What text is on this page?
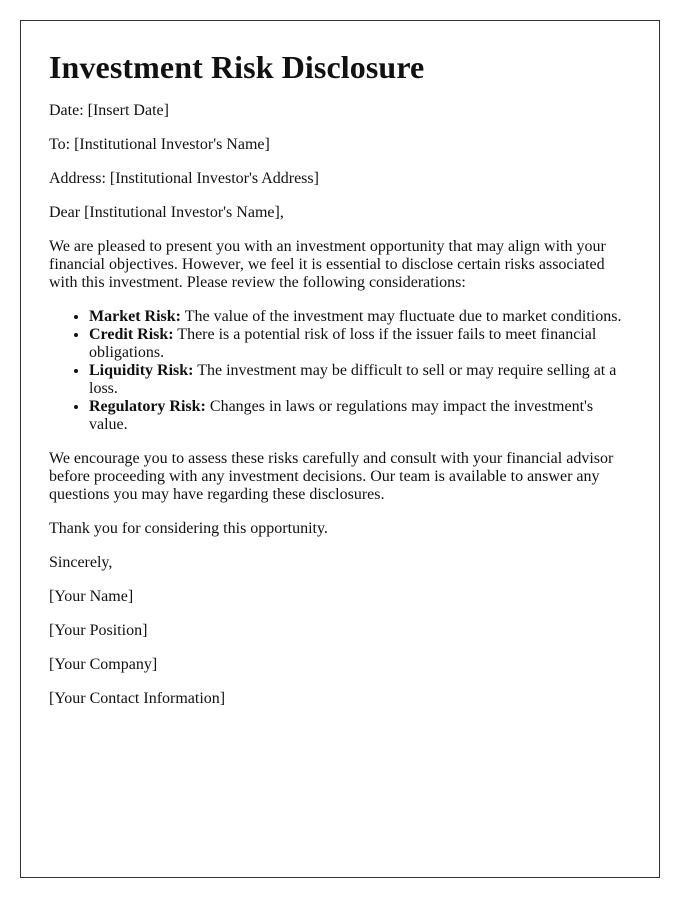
Investment Risk Disclosure

Date: [Insert Date]

To: [Institutional Investor's Name]

Address: [Institutional Investor's Address]

Dear [Institutional Investor's Name],

We are pleased to present you with an investment opportunity that may align with your financial objectives. However, we feel it is essential to disclose certain risks associated with this investment. Please review the following considerations:

• Market Risk: The value of the investment may fluctuate due to market conditions.
• Credit Risk: There is a potential risk of loss if the issuer fails to meet financial obligations.
• Liquidity Risk: The investment may be difficult to sell or may require selling at a loss.
• Regulatory Risk: Changes in laws or regulations may impact the investment's value.

We encourage you to assess these risks carefully and consult with your financial advisor before proceeding with any investment decisions. Our team is available to answer any questions you may have regarding these disclosures.

Thank you for considering this opportunity.

Sincerely,

[Your Name]

[Your Position]

[Your Company]

[Your Contact Information]
